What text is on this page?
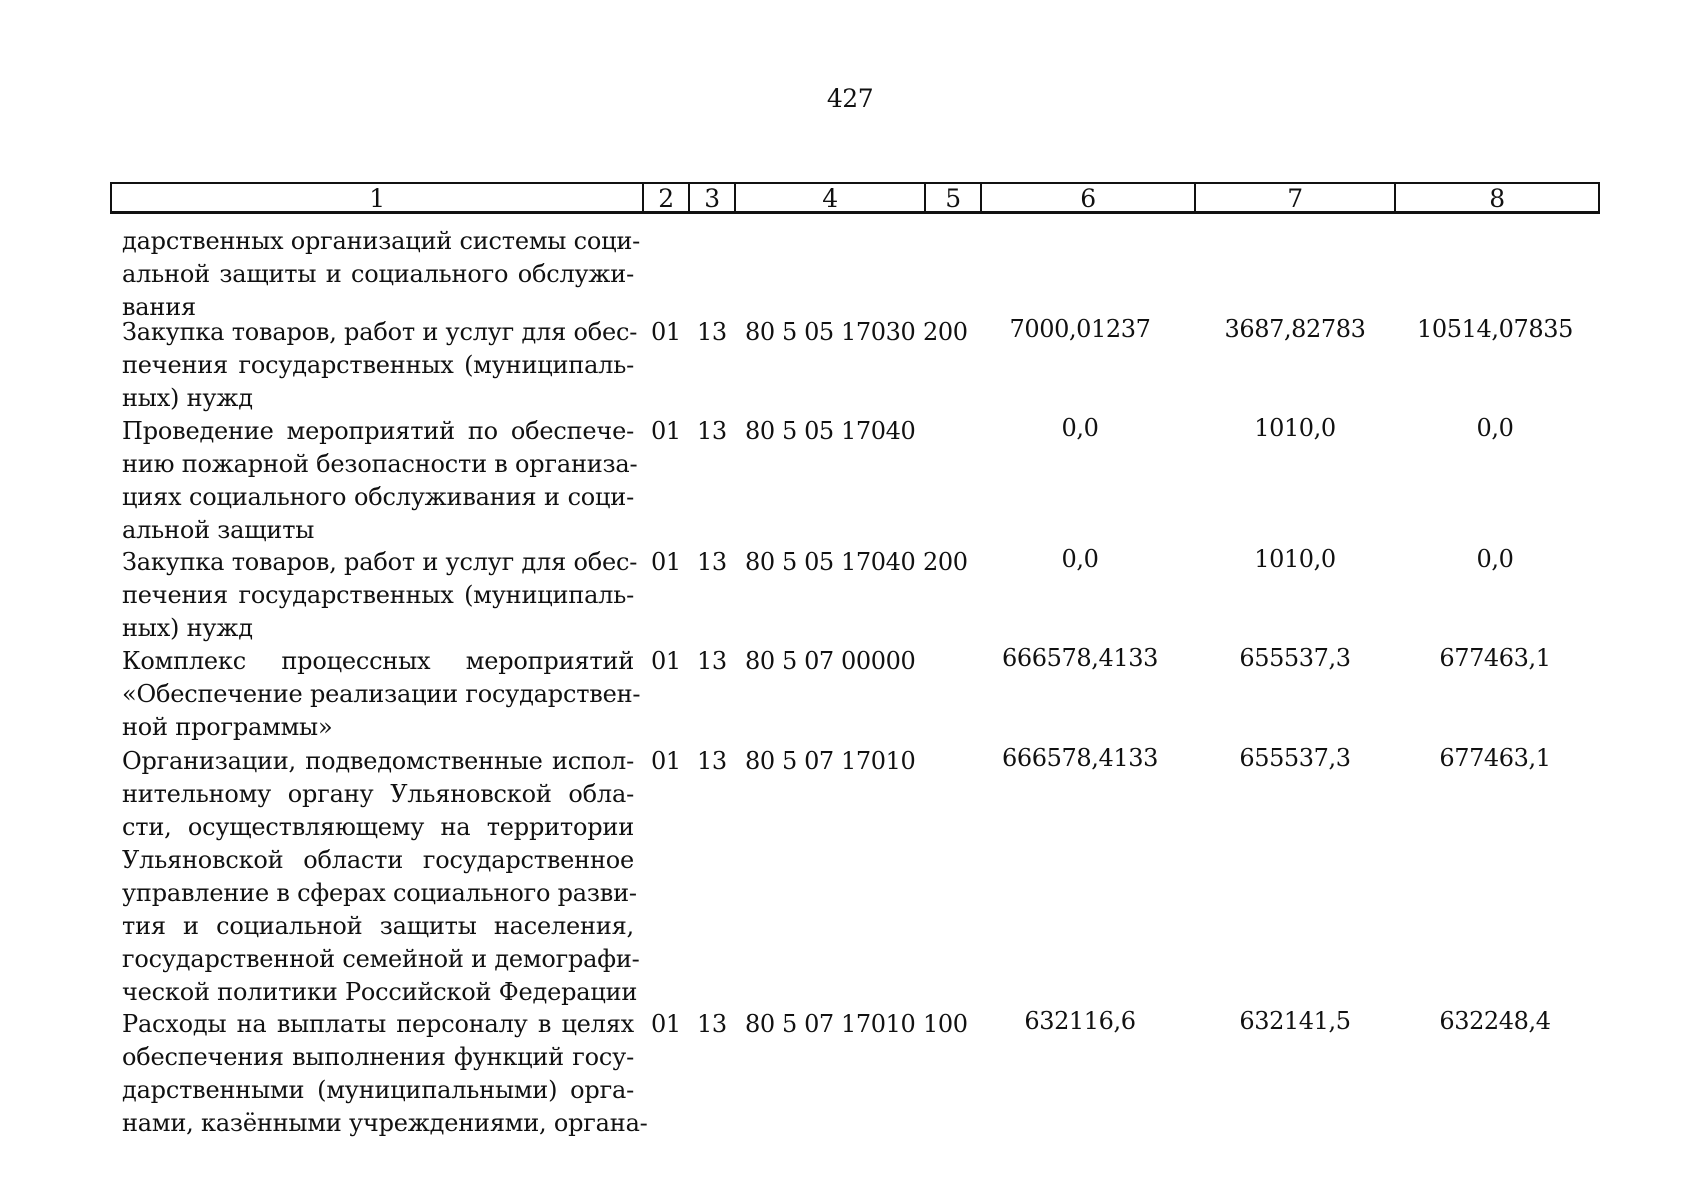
427
1	2	3	4	5	6	7	8
дарственных организаций системы соци-
альной защиты и социального обслужи-
вания
Закупка товаров, работ и услуг для обес-
печения государственных (муниципаль-
ных) нужд
01 13 80 5 05 17030 200	7000,01237	3687,82783	10514,07835
Проведение мероприятий по обеспече-
нию пожарной безопасности в организа-
циях социального обслуживания и соци-
альной защиты
01 13 80 5 05 17040	0,0	1010,0	0,0
Закупка товаров, работ и услуг для обес-
печения государственных (муниципаль-
ных) нужд
01 13 80 5 05 17040 200	0,0	1010,0	0,0
Комплекс процессных мероприятий
«Обеспечение реализации государствен-
ной программы»
01 13 80 5 07 00000	666578,4133	655537,3	677463,1
Организации, подведомственные испол-
нительному органу Ульяновской обла-
сти, осуществляющему на территории
Ульяновской области государственное
управление в сферах социального разви-
тия и социальной защиты населения,
государственной семейной и демографи-
ческой политики Российской Федерации
01 13 80 5 07 17010	666578,4133	655537,3	677463,1
Расходы на выплаты персоналу в целях
обеспечения выполнения функций госу-
дарственными (муниципальными) орга-
нами, казёнными учреждениями, органа-
01 13 80 5 07 17010 100	632116,6	632141,5	632248,4
